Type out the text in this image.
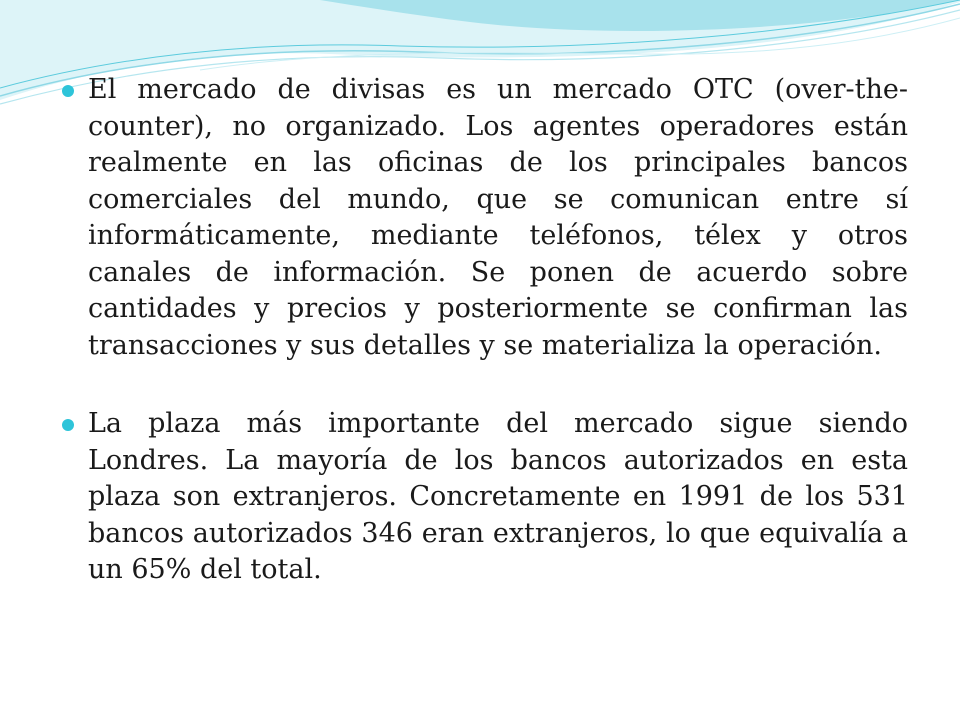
El mercado de divisas es un mercado OTC (over-the-counter), no organizado. Los agentes operadores están realmente en las oficinas de los principales bancos comerciales del mundo, que se comunican entre sí informáticamente, mediante teléfonos, télex y otros canales de información. Se ponen de acuerdo sobre cantidades y precios y posteriormente se confirman las transacciones y sus detalles y se materializa la operación.

La plaza más importante del mercado sigue siendo Londres. La mayoría de los bancos autorizados en esta plaza son extranjeros. Concretamente en 1991 de los 531 bancos autorizados 346 eran extranjeros, lo que equivalía a un 65% del total.
